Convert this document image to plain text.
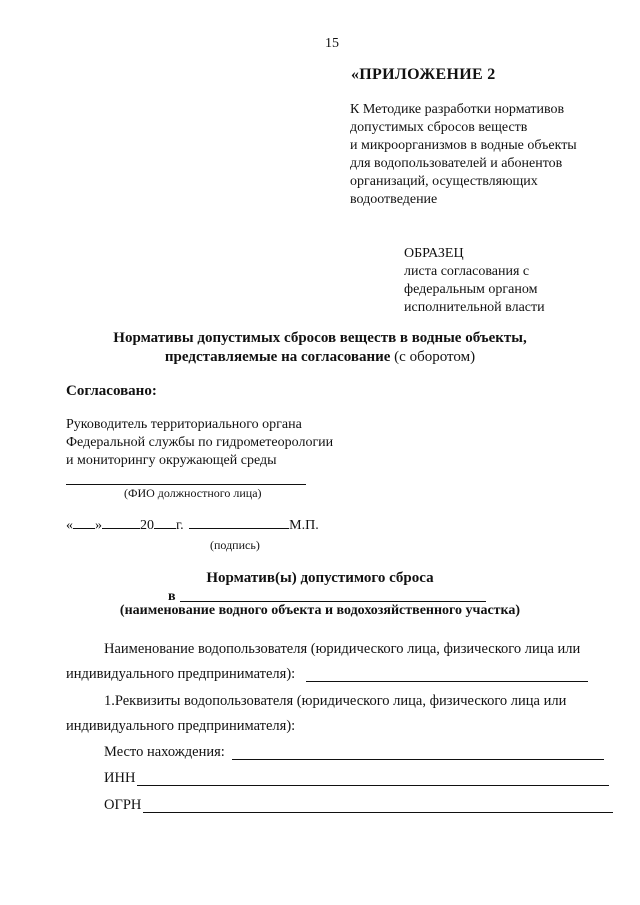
15
«ПРИЛОЖЕНИЕ 2
К Методике разработки нормативов
допустимых сбросов веществ
и микроорганизмов в водные объекты
для водопользователей и абонентов
организаций, осуществляющих
водоотведение
ОБРАЗЕЦ
листа согласования с
федеральным органом
исполнительной власти
Нормативы допустимых сбросов веществ в водные объекты,
представляемые на согласование (с оборотом)
Согласовано:
Руководитель территориального органа
Федеральной службы по гидрометеорологии
и мониторингу окружающей среды
(ФИО должностного лица)
« »	20 г.	М.П.
(подпись)
Норматив(ы) допустимого сброса
в
(наименование водного объекта и водохозяйственного участка)
Наименование водопользователя (юридического лица, физического лица или
индивидуального предпринимателя):
1.Реквизиты водопользователя (юридического лица, физического лица или
индивидуального предпринимателя):
Место нахождения:
ИНН
ОГРН
